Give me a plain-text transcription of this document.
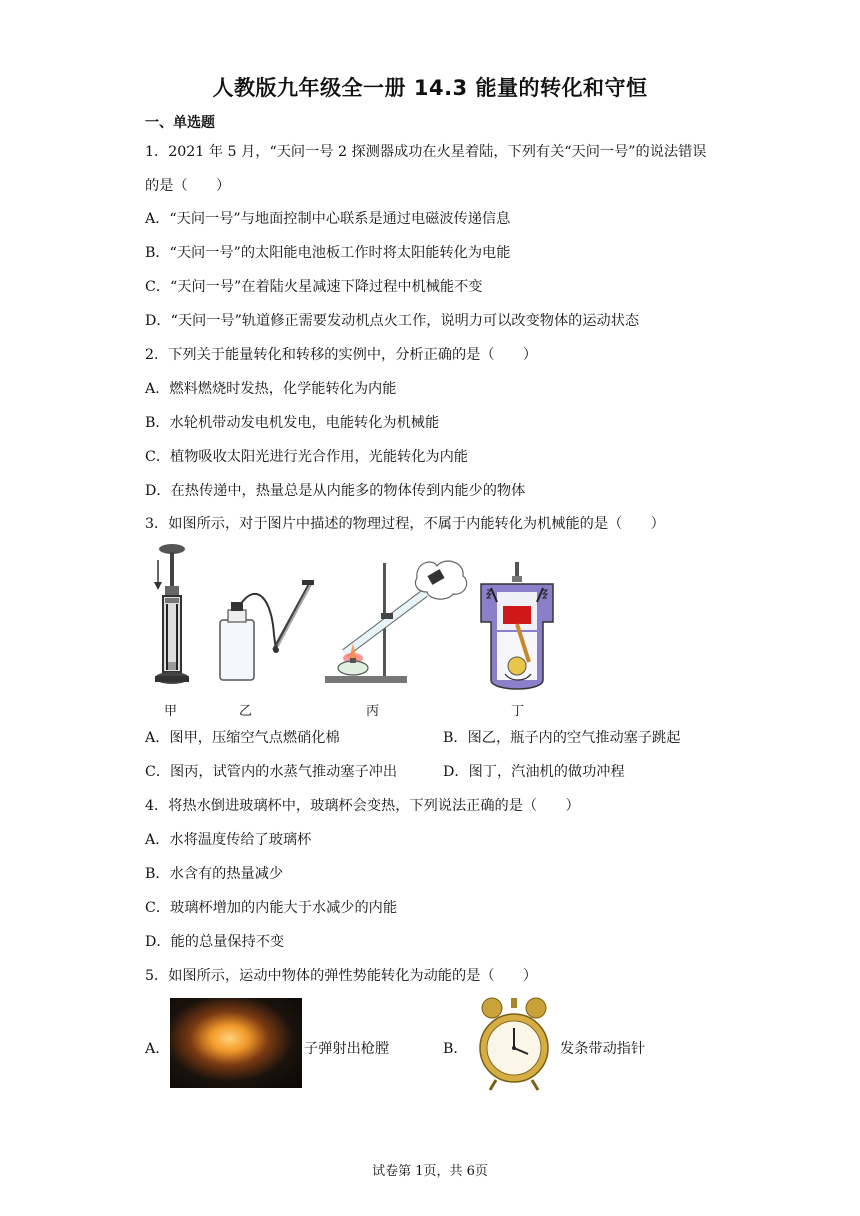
人教版九年级全一册 14.3 能量的转化和守恒
一、单选题
1．2021 年 5 月，“天问一号 2 探测器成功在火星着陆，下列有关“天问一号”的说法错误
的是（　　）
A．“天问一号”与地面控制中心联系是通过电磁波传递信息
B．“天问一号”的太阳能电池板工作时将太阳能转化为电能
C．“天问一号”在着陆火星减速下降过程中机械能不变
D．“天问一号”轨道修正需要发动机点火工作，说明力可以改变物体的运动状态
2．下列关于能量转化和转移的实例中，分析正确的是（　　）
A．燃料燃烧时发热，化学能转化为内能
B．水轮机带动发电机发电，电能转化为机械能
C．植物吸收太阳光进行光合作用，光能转化为内能
D．在热传递中，热量总是从内能多的物体传到内能少的物体
3．如图所示，对于图片中描述的物理过程，不属于内能转化为机械能的是（　　）
甲	乙	丙	丁
A．图甲，压缩空气点燃硝化棉	B．图乙，瓶子内的空气推动塞子跳起
C．图丙，试管内的水蒸气推动塞子冲出	D．图丁，汽油机的做功冲程
4．将热水倒进玻璃杯中，玻璃杯会变热，下列说法正确的是（　　）
A．水将温度传给了玻璃杯
B．水含有的热量减少
C．玻璃杯增加的内能大于水减少的内能
D．能的总量保持不变
5．如图所示，运动中物体的弹性势能转化为动能的是（　　）
A．	子弹射出枪膛	B．	发条带动指针
试卷第 1页，共 6页
